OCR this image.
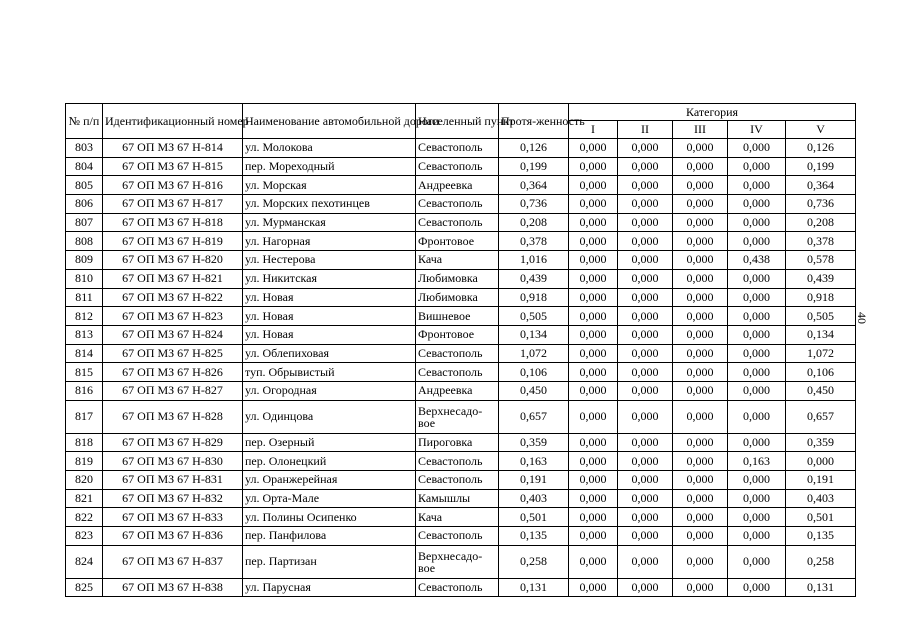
№ п/п	Идентификационный номер	Наименование автомобильной дороги	Населенный пункт	Протя-женность	Категория				
					I	II	III	IV	V
803	67 ОП МЗ 67 Н-814	ул. Молокова	Севастополь	0,126	0,000	0,000	0,000	0,000	0,126
804	67 ОП МЗ 67 Н-815	пер. Мореходный	Севастополь	0,199	0,000	0,000	0,000	0,000	0,199
805	67 ОП МЗ 67 Н-816	ул. Морская	Андреевка	0,364	0,000	0,000	0,000	0,000	0,364
806	67 ОП МЗ 67 Н-817	ул. Морских пехотинцев	Севастополь	0,736	0,000	0,000	0,000	0,000	0,736
807	67 ОП МЗ 67 Н-818	ул. Мурманская	Севастополь	0,208	0,000	0,000	0,000	0,000	0,208
808	67 ОП МЗ 67 Н-819	ул. Нагорная	Фронтовое	0,378	0,000	0,000	0,000	0,000	0,378
809	67 ОП МЗ 67 Н-820	ул. Нестерова	Кача	1,016	0,000	0,000	0,000	0,438	0,578
810	67 ОП МЗ 67 Н-821	ул. Никитская	Любимовка	0,439	0,000	0,000	0,000	0,000	0,439
811	67 ОП МЗ 67 Н-822	ул. Новая	Любимовка	0,918	0,000	0,000	0,000	0,000	0,918
812	67 ОП МЗ 67 Н-823	ул. Новая	Вишневое	0,505	0,000	0,000	0,000	0,000	0,505
813	67 ОП МЗ 67 Н-824	ул. Новая	Фронтовое	0,134	0,000	0,000	0,000	0,000	0,134
814	67 ОП МЗ 67 Н-825	ул. Облепиховая	Севастополь	1,072	0,000	0,000	0,000	0,000	1,072
815	67 ОП МЗ 67 Н-826	туп. Обрывистый	Севастополь	0,106	0,000	0,000	0,000	0,000	0,106
816	67 ОП МЗ 67 Н-827	ул. Огородная	Андреевка	0,450	0,000	0,000	0,000	0,000	0,450
817	67 ОП МЗ 67 Н-828	ул. Одинцова	Верхнесадо-вое	0,657	0,000	0,000	0,000	0,000	0,657
818	67 ОП МЗ 67 Н-829	пер. Озерный	Пироговка	0,359	0,000	0,000	0,000	0,000	0,359
819	67 ОП МЗ 67 Н-830	пер. Олонецкий	Севастополь	0,163	0,000	0,000	0,000	0,163	0,000
820	67 ОП МЗ 67 Н-831	ул. Оранжерейная	Севастополь	0,191	0,000	0,000	0,000	0,000	0,191
821	67 ОП МЗ 67 Н-832	ул. Орта-Мале	Камышлы	0,403	0,000	0,000	0,000	0,000	0,403
822	67 ОП МЗ 67 Н-833	ул. Полины Осипенко	Кача	0,501	0,000	0,000	0,000	0,000	0,501
823	67 ОП МЗ 67 Н-836	пер. Панфилова	Севастополь	0,135	0,000	0,000	0,000	0,000	0,135
824	67 ОП МЗ 67 Н-837	пер. Партизан	Верхнесадо-вое	0,258	0,000	0,000	0,000	0,000	0,258
825	67 ОП МЗ 67 Н-838	ул. Парусная	Севастополь	0,131	0,000	0,000	0,000	0,000	0,131
40
